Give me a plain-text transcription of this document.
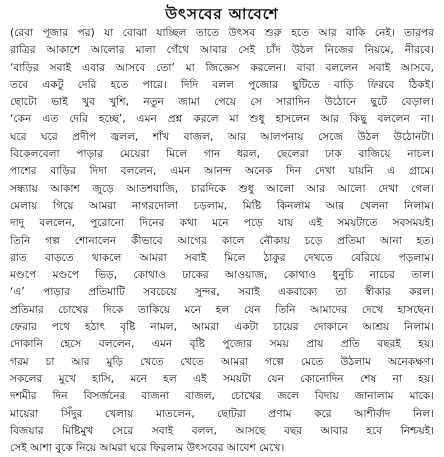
উৎসবের আবেশে
(রেবা পূজার পর) যা বোঝা যাচ্ছিল তাতে উৎসব শুরু হতে আর বাকি নেই। তারপর
রাত্রির আকাশে আলোর মালা গেঁথে আবার সেই চাঁদ উঠল নিজের নিয়মে, নীরবে।
‘বাড়ির সবাই এবার আসবে তো’ মা জিজ্ঞেস করলেন। বাবা বললেন সবাই আসবে,
তবে একটু দেরি হতে পারে। দিদি বলল পুজোর ছুটিতে বাড়ি ফিরবে ঠিকই।
ছোটো ভাই খুব খুশি, নতুন জামা পেয়ে সে সারাদিন উঠোনে ছুটে বেড়াল।
‘কেন এত দেরি হচ্ছে’, এমন প্রশ্ন করলে মা শুধু হাসলেন আর কিছু বললেন না।
ঘরে ঘরে প্রদীপ জ্বলল, শাঁখ বাজল, আর আলপনায় সেজে উঠল উঠোনটা।
বিকেলবেলা পাড়ার মেয়েরা মিলে গান ধরল, ছেলেরা ঢাক বাজিয়ে নাচল।
পাশের বাড়ির দিদা বললেন, এমন আনন্দ অনেক দিন দেখা যায়নি এ গ্রামে।
সন্ধ্যায় আকাশ জুড়ে আতশবাজি, চারদিকে শুধু আলো আর আলো দেখা গেল।
মেলায় গিয়ে আমরা নাগরদোলা চড়লাম, মিষ্টি কিনলাম আর খেলনা নিলাম।
দাদু বললেন, পুরোনো দিনের কথা মনে পড়ে যায় এই সময়টাতে সবসময়ই।
তিনি গল্প শোনালেন কীভাবে আগের কালে নৌকায় চড়ে প্রতিমা আনা হত।
রাত বাড়তে থাকলে আমরা সবাই মিলে ঠাকুর দেখতে বেরিয়ে পড়লাম।
মণ্ডপে মণ্ডপে ভিড়, কোথাও ঢাকের আওয়াজ, কোথাও ধুনুচি নাচের তাল।
‘এ’ পাড়ার প্রতিমাটি সবচেয়ে সুন্দর, সবাই একবাক্যে তা স্বীকার করল।
প্রতিমার চোখের দিকে তাকিয়ে মনে হল যেন তিনি আমাদের দেখে হাসছেন।
ফেরার পথে হঠাৎ বৃষ্টি নামল, আমরা একটা চায়ের দোকানে আশ্রয় নিলাম।
দোকানি হেসে বললেন, এমন বৃষ্টি পুজোর সময় প্রায় প্রতি বছরই হয়।
গরম চা আর মুড়ি খেতে খেতে আমরা গল্পে মেতে উঠলাম অনেকক্ষণ।
সকলের মুখে হাসি, মনে হল এই সময়টা যেন কোনোদিন শেষ না হয়।
দশমীর দিন বিসর্জনের বাজনা বাজল, চোখের জলে বিদায় জানালাম মাকে।
মায়েরা সিঁদুর খেলায় মাতলেন, ছোটরা প্রণাম করে আশীর্বাদ নিল।
বিজয়ার মিষ্টিমুখ সেরে সবাই বলল, আসছে বছর আবার হবে নিশ্চয়ই।
সেই আশা বুকে নিয়ে আমরা ঘরে ফিরলাম উৎসবের আবেশ মেখে।
